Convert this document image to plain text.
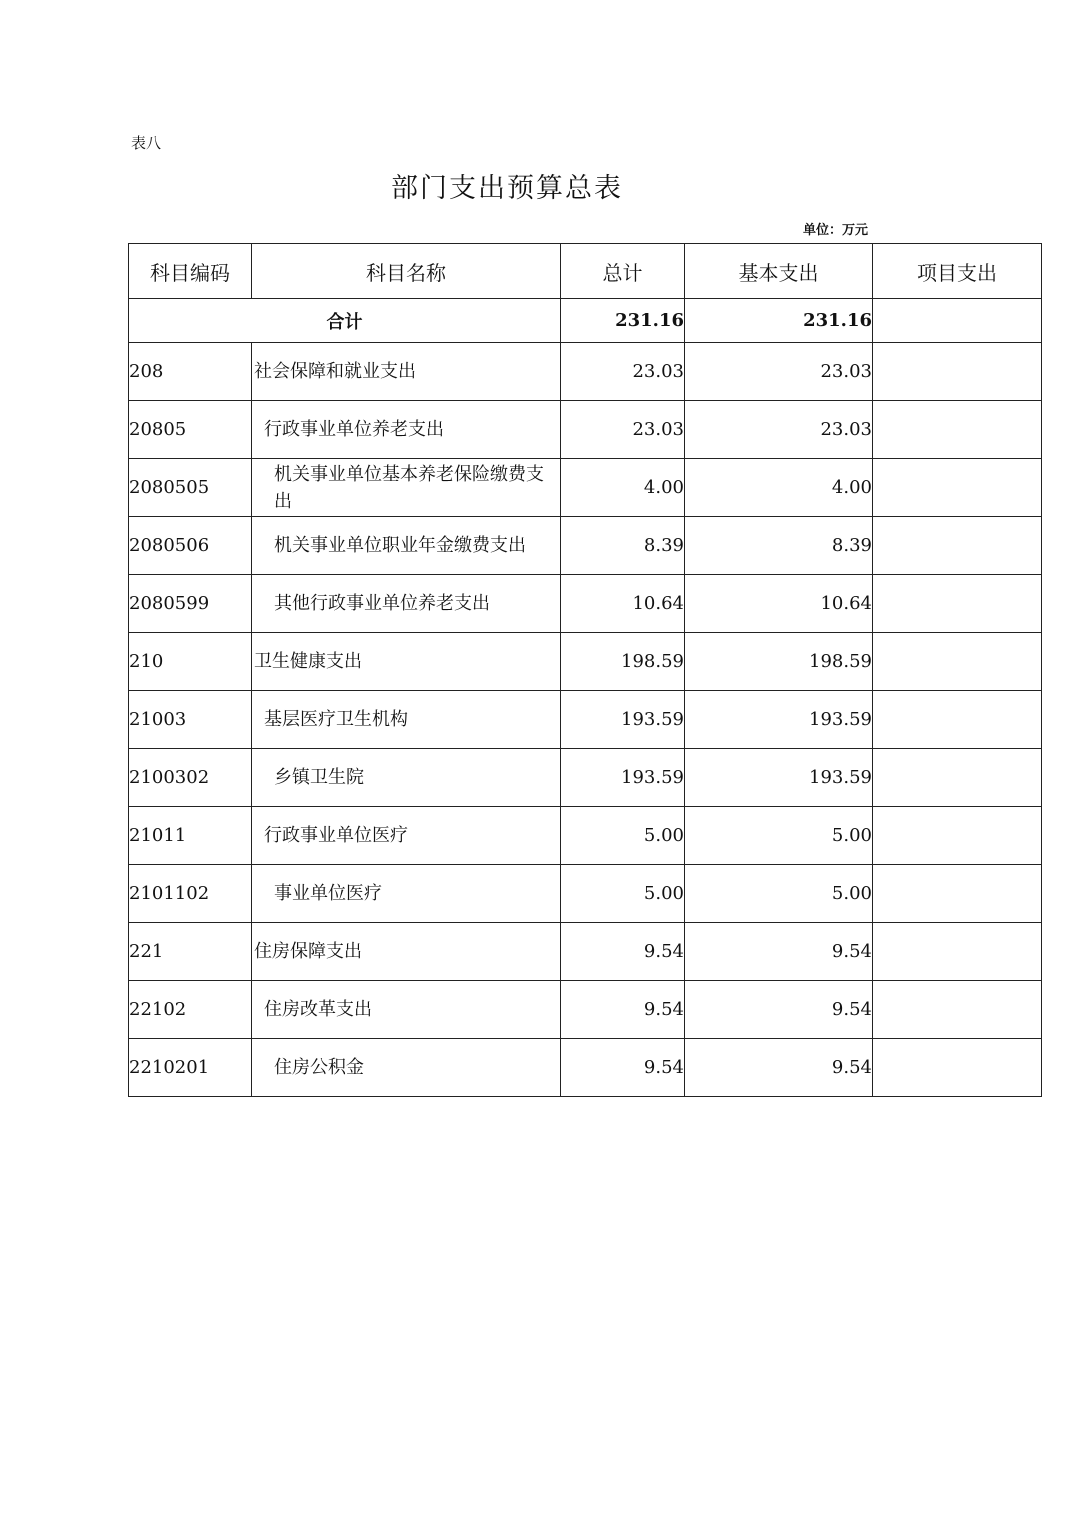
表八
部门支出预算总表
单位：万元
科目编码	科目名称	总计	基本支出	项目支出
合计		231.16	231.16	
208	社会保障和就业支出	23.03	23.03	
20805	行政事业单位养老支出	23.03	23.03	
2080505	机关事业单位基本养老保险缴费支出	4.00	4.00	
2080506	机关事业单位职业年金缴费支出	8.39	8.39	
2080599	其他行政事业单位养老支出	10.64	10.64	
210	卫生健康支出	198.59	198.59	
21003	基层医疗卫生机构	193.59	193.59	
2100302	乡镇卫生院	193.59	193.59	
21011	行政事业单位医疗	5.00	5.00	
2101102	事业单位医疗	5.00	5.00	
221	住房保障支出	9.54	9.54	
22102	住房改革支出	9.54	9.54	
2210201	住房公积金	9.54	9.54	
